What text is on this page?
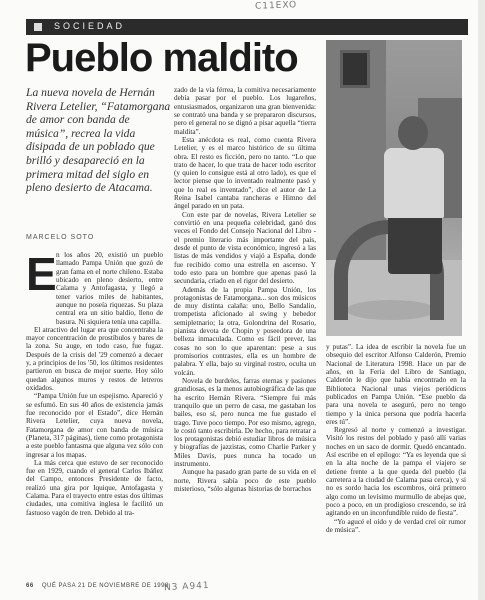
C11EXO
SOCIEDAD
Pueblo maldito
La nueva novela de Hernán Rivera Letelier, “Fatamorgana de amor con banda de música”, recrea la vida disipada de un poblado que brilló y desapareció en la primera mitad del siglo en pleno desierto de Atacama.
MARCELO SOTO
E n los años 20, existió un pueblo llamado Pampa Unión que gozó de gran fama en el norte chileno. Estaba ubicado en pleno desierto, entre Calama y Antofagasta, y llegó a tener varios miles de habitantes, aunque no poseía riquezas. Su plaza central era un sitio baldío, lleno de basura. Ni siquiera tenía una capilla.

El atractivo del lugar era que concentraba la mayor concentración de prostíbulos y bares de la zona. Su auge, en todo caso, fue fugaz. Después de la crisis del '29 comenzó a decaer y, a principios de los '50, los últimos residentes partieron en busca de mejor suerte. Hoy sólo quedan algunos muros y restos de letreros oxidados.

“Pampa Unión fue un espejismo. Apareció y se esfumó. En sus 40 años de existencia jamás fue reconocido por el Estado”, dice Hernán Rivera Letelier, cuya nueva novela, Fatamorgana de amor con banda de música (Planeta, 317 páginas), tiene como protagonista a este pueblo fantasma que alguna vez sólo con ingresar a los mapas.

La más cerca que estuvo de ser reconocido fue en 1929, cuando el general Carlos Ibáñez del Campo, entonces Presidente de facto, realizó una gira por Iquique, Antofagasta y Calama. Para el trayecto entre estas dos últimas ciudades, una comitiva inglesa le facilitó un fastuoso vagón de tren. Debido al tra-

zado de la vía férrea, la comitiva necesariamente debía pasar por el pueblo. Los lugareños, entusiasmados, organizaron una gran bienvenida: se contrató una banda y se prepararon discursos, pero el general no se dignó a pisar aquella “tierra maldita”.

Esta anécdota es real, como cuenta Rivera Letelier, y es el marco histórico de su última obra. El resto es ficción, pero no tanto. “Lo que trato de hacer, lo que trata de hacer todo escritor (y quien lo consigue está al otro lado), es que el lector piense que lo inventado realmente pasó y que lo real es inventado”, dice el autor de La Reina Isabel cantaba rancheras e Himno del ángel parado en un pata.

Con este par de novelas, Rivera Letelier se convirtió en una pequeña celebridad, ganó dos veces el Fondo del Consejo Nacional del Libro -el premio literario más importante del país, desde el punto de vista económico, ingresó a las listas de más vendidos y viajó a España, donde fue recibido como una estrella en ascenso. Y todo esto para un hombre que apenas pasó la secundaria, criado en el rigor del desierto.

Además de la propia Pampa Unión, los protagonistas de Fatamorgana... son dos músicos de muy distinta calaña: uno, Bello Sandalio, trompetista aficionado al swing y bebedor semipletnario; la otra, Golondrina del Rosario, pianista devota de Chopin y poseedora de una belleza inmaculada. Como es fácil prever, las cosas no son lo que aparentan: pese a sus promisorios contrastes, ella es un hombre de palabra. Y ella, bajo su virginal rostro, oculta un volcán.

Novela de burdeles, farras eternas y pasiones grandiosas, es la menos autobiográfica de las que ha escrito Hernán Rivera. “Siempre fui más tranquilo que un perro de casa, me gastaban los bailes, eso sí, pero nunca me fue gustado el trago. Tuve poco tiempo. Por eso mismo, agrego, le costó tanto escribirla. De hecho, para retratar a los protagonistas debió estudiar libros de música y biografías de jazzistas, como Charlie Parker y Miles Davis, pues nunca ha tocado un instrumento.

Aunque ha pasado gran parte de su vida en el norte, Rivera sabía poco de este pueblo misterioso, “sólo algunas historias de borrachos

y putas”. La idea de escribir la novela fue un obsequio del escritor Alfonso Calderón, Premio Nacional de Literatura 1998. Hace un par de años, en la Feria del Libro de Santiago, Calderón le dijo que había encontrado en la Biblioteca Nacional unas viejos periódicos publicados en Pampa Unión. “Ese pueblo da para una novela te aseguró, pero no tengo tiempo y la única persona que podría hacerla eres tú”.

Regresó al norte y comenzó a investigar. Visitó los restos del poblado y pasó allí varias noches en un saco de dormir. Quedó encantado. Así escribe en el epílogo: “Ya es leyenda que si en la alta noche de la pampa el viajero se detiene frente a la que queda del pueblo (la carretera a la ciudad de Calama pasa cerca), y si no es sordo hacia los escombros, oirá primero algo como un levísimo murmullo de abejas que, poco a poco, en un prodigioso crescendo, se irá agitando en un inconfundible ruido de fiesta”.

“Yo agucé el oído y de verdad creí oír rumor de música”.

66 QUÉ PASA 21 DE NOVIEMBRE DE 1998
N3 A941
